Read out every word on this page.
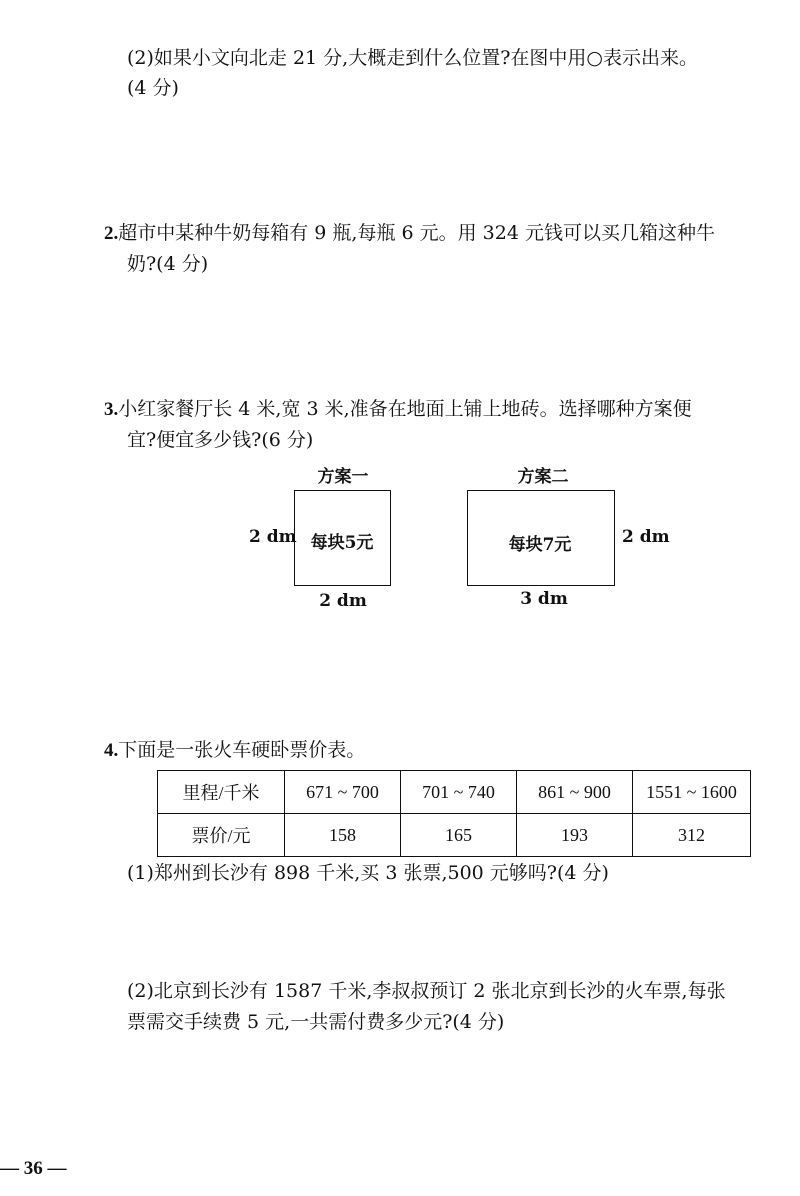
(2)如果小文向北走 21 分,大概走到什么位置?在图中用○表示出来。
(4 分)
2.超市中某种牛奶每箱有 9 瓶,每瓶 6 元。用 324 元钱可以买几箱这种牛
奶?(4 分)
3.小红家餐厅长 4 米,宽 3 米,准备在地面上铺上地砖。选择哪种方案便
宜?便宜多少钱?(6 分)
方案一
每块5元
2 dm
2 dm
方案二
每块7元	2 dm
3 dm
4.下面是一张火车硬卧票价表。
里程/千米	671 ~ 700	701 ~ 740	861 ~ 900	1551 ~ 1600
票价/元	158	165	193	312
(1)郑州到长沙有 898 千米,买 3 张票,500 元够吗?(4 分)
(2)北京到长沙有 1587 千米,李叔叔预订 2 张北京到长沙的火车票,每张
票需交手续费 5 元,一共需付费多少元?(4 分)
— 36 —
